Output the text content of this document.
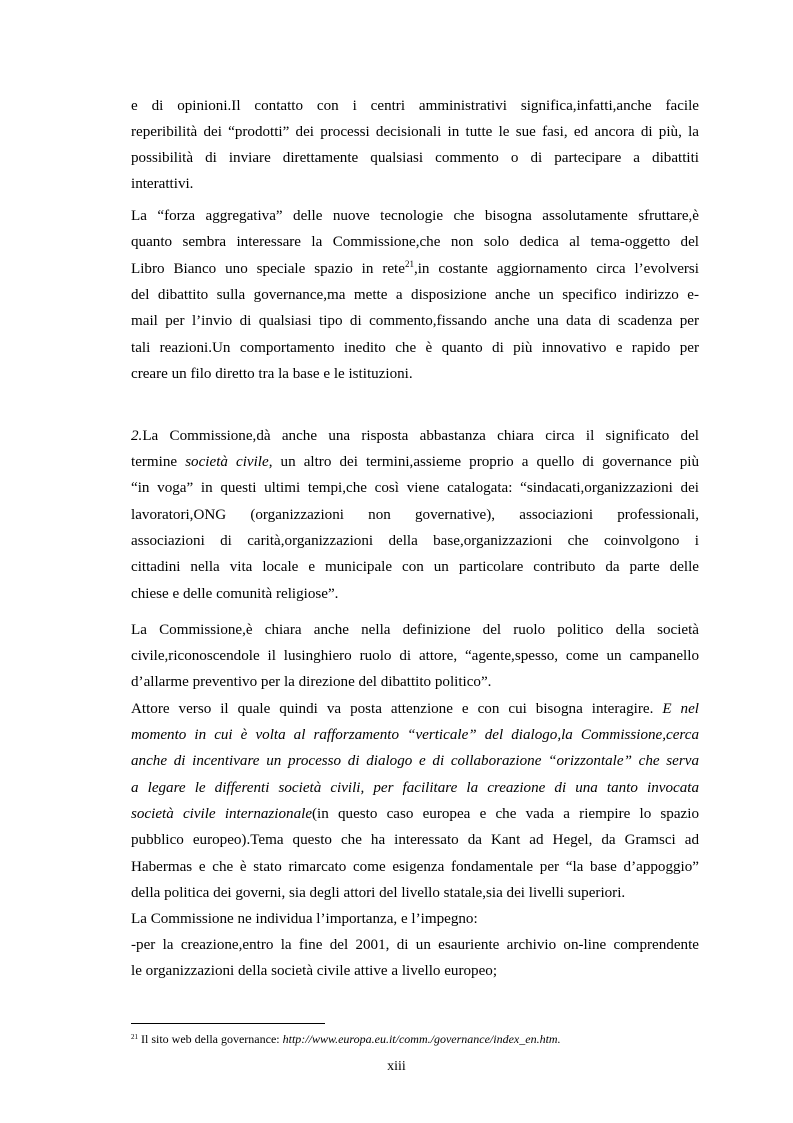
e di opinioni.Il contatto con i centri amministrativi significa,infatti,anche facile
reperibilità dei “prodotti” dei processi decisionali in tutte le sue fasi, ed ancora di più, la
possibilità di inviare direttamente qualsiasi commento o di partecipare a dibattiti
interattivi.
La “forza aggregativa” delle nuove tecnologie che bisogna assolutamente sfruttare,è
quanto sembra interessare la Commissione,che non solo dedica al tema-oggetto del
Libro Bianco uno speciale spazio in rete$^{21}$,in costante aggiornamento circa l’evolversi
del dibattito sulla governance,ma mette a disposizione anche un specifico indirizzo e-
mail per l’invio di qualsiasi tipo di commento,fissando anche una data di scadenza per
tali reazioni.Un comportamento inedito che è quanto di più innovativo e rapido per
creare un filo diretto tra la base e le istituzioni.
2.La Commissione,dà anche una risposta abbastanza chiara circa il significato del
termine società civile, un altro dei termini,assieme proprio a quello di governance più
“in voga” in questi ultimi tempi,che così viene catalogata: “sindacati,organizzazioni dei
lavoratori,ONG (organizzazioni non governative), associazioni professionali,
associazioni di carità,organizzazioni della base,organizzazioni che coinvolgono i
cittadini nella vita locale e municipale con un particolare contributo da parte delle
chiese e delle comunità religiose”.
La Commissione,è chiara anche nella definizione del ruolo politico della società
civile,riconoscendole il lusinghiero ruolo di attore, “agente,spesso, come un campanello
d’allarme preventivo per la direzione del dibattito politico”.
Attore verso il quale quindi va posta attenzione e con cui bisogna interagire. E nel
momento in cui è volta al rafforzamento “verticale” del dialogo,la Commissione,cerca
anche di incentivare un processo di dialogo e di collaborazione “orizzontale” che serva
a legare le differenti società civili, per facilitare la creazione di una tanto invocata
società civile internazionale(in questo caso europea e che vada a riempire lo spazio
pubblico europeo).Tema questo che ha interessato da Kant ad Hegel, da Gramsci ad
Habermas e che è stato rimarcato come esigenza fondamentale per “la base d’appoggio”
della politica dei governi, sia degli attori del livello statale,sia dei livelli superiori.
La Commissione ne individua l’importanza, e l’impegno:
-per la creazione,entro la fine del 2001, di un esauriente archivio on-line comprendente
le organizzazioni della società civile attive a livello europeo;
$^{21}$ Il sito web della governance: http://www.europa.eu.it/comm./governance/index_en.htm.
xiii
